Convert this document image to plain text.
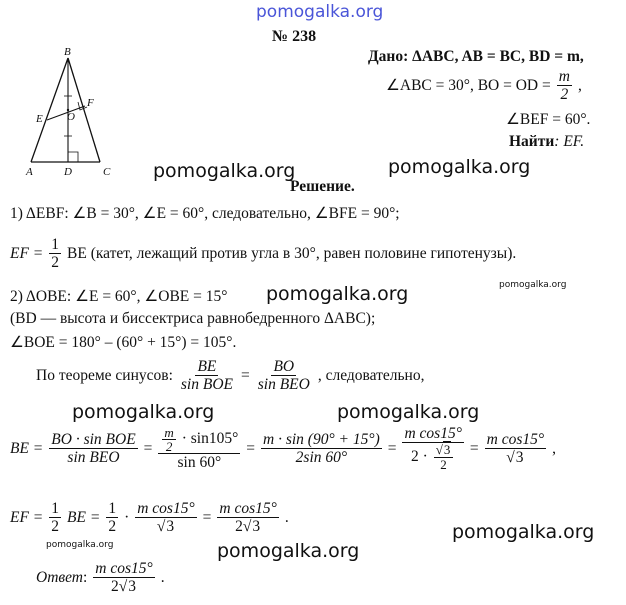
pomogalka.org
pomogalka.org	pomogalka.org
pomogalka.org
pomogalka.org
pomogalka.org	pomogalka.org
pomogalka.org
pomogalka.org	pomogalka.org
B
A	C
D
E
F
O
№ 238
Дано: ΔABC, AB = BC, BD = m,
∠ABC = 30°, BO = OD = $\frac{m}{2}$ ,
∠BEF = 60°.
Найти: EF.
Решение.
1) ΔEBF: ∠B = 30°, ∠E = 60°, следовательно, ∠BFE = 90°;
EF = $\frac{1}{2}$ BE (катет, лежащий против угла в 30°, равен половине гипотенузы).
2) ΔOBE: ∠E = 60°, ∠OBE = 15°
(BD — высота и биссектриса равнобедренного ΔABC);
∠BOE = 180° – (60° + 15°) = 105°.
По теореме синусов: $\frac{BE}{\text{sin BOE}} = \frac{BO}{\text{sin BEO}}$ , следовательно,
BE = $\frac{\text{BO · sin BOE}}{\text{sin BEO}} = \frac{\frac{m}{2} \cdot \sin 105^\circ}{\sin 60^\circ} = \frac{m \cdot \sin (90^\circ + 15^\circ)}{2\sin 60^\circ} = \frac{\text{m cos15°}}{2 \cdot \frac{√3}{2}} = \frac{\text{m cos15°}}{√3}$ ,
EF = $\frac{1}{2}$ BE = $\frac{1}{2} \cdot \frac{\text{m cos15°}}{√3} = \frac{\text{m cos15°}}{2√3}$ .
Ответ: $\frac{\text{m cos15°}}{2√3}$ .
